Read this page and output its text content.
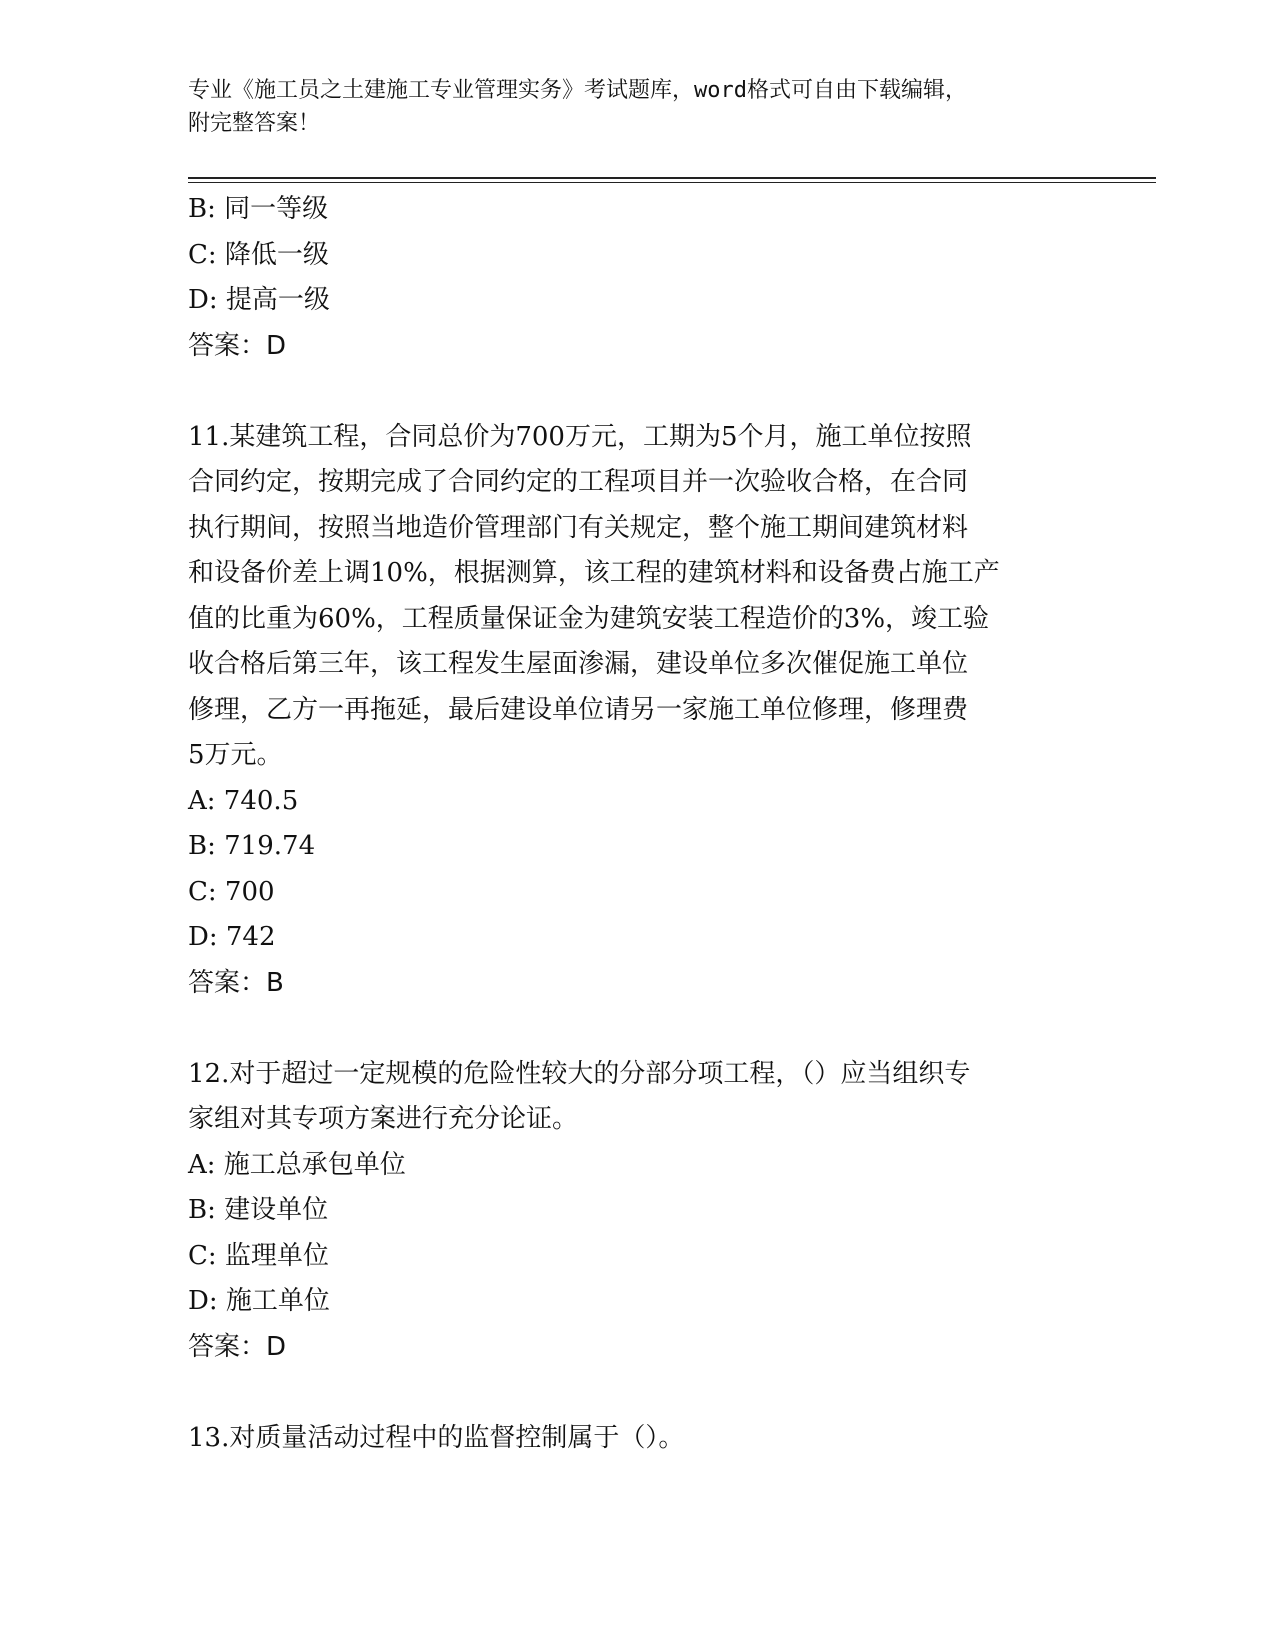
专业《施工员之土建施工专业管理实务》考试题库，word格式可自由下载编辑，
附完整答案！
B: 同一等级
C: 降低一级
D: 提高一级
答案：D
11.某建筑工程，合同总价为700万元，工期为5个月，施工单位按照
合同约定，按期完成了合同约定的工程项目并一次验收合格，在合同
执行期间，按照当地造价管理部门有关规定，整个施工期间建筑材料
和设备价差上调10%，根据测算，该工程的建筑材料和设备费占施工产
值的比重为60%，工程质量保证金为建筑安装工程造价的3%，竣工验
收合格后第三年，该工程发生屋面渗漏，建设单位多次催促施工单位
修理，乙方一再拖延，最后建设单位请另一家施工单位修理，修理费
5万元。
A: 740.5
B: 719.74
C: 700
D: 742
答案：B
12.对于超过一定规模的危险性较大的分部分项工程，（）应当组织专
家组对其专项方案进行充分论证。
A: 施工总承包单位
B: 建设单位
C: 监理单位
D: 施工单位
答案：D
13.对质量活动过程中的监督控制属于（）。
